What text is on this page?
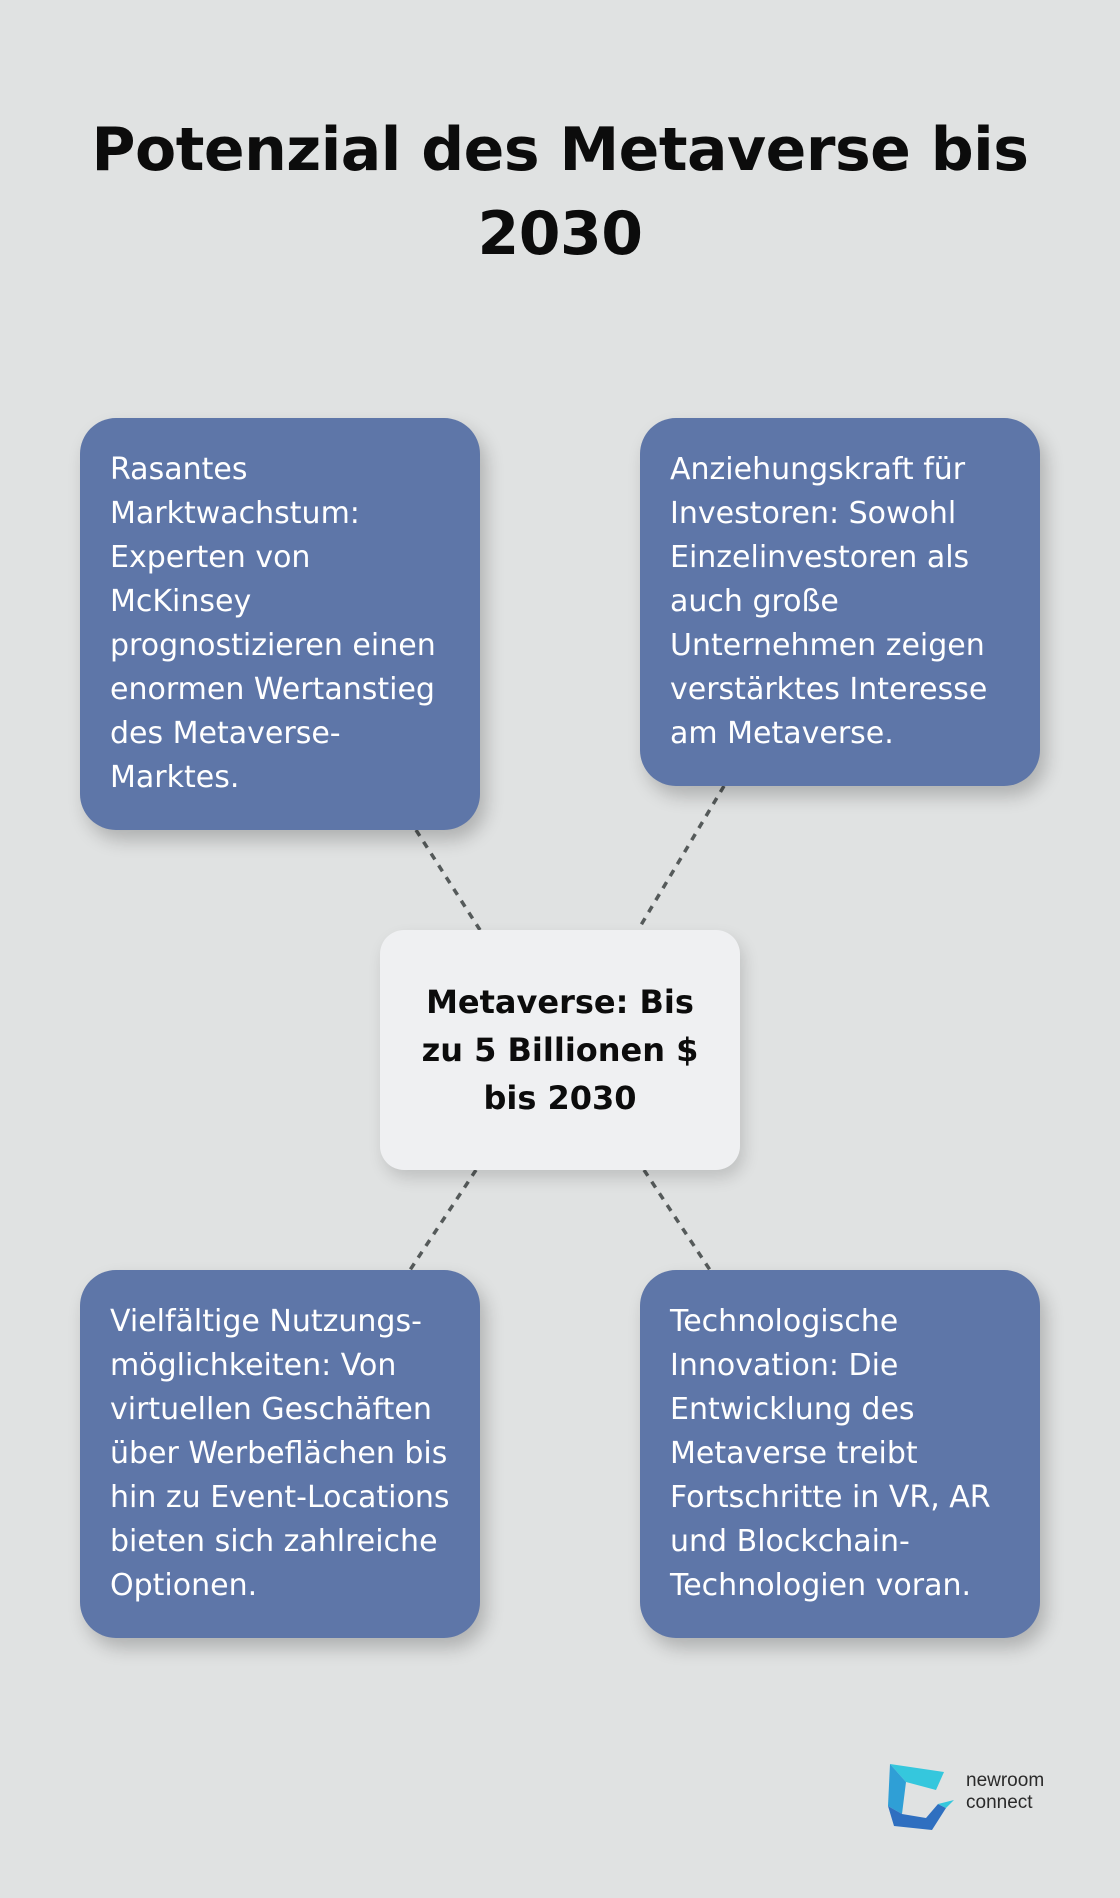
Potenzial des Metaverse bis 2030
Rasantes Marktwachstum: Experten von McKinsey prognostizieren einen enormen Wertanstieg des Metaverse-Marktes.
Anziehungskraft für Investoren: Sowohl Einzelinvestoren als auch große Unternehmen zeigen verstärktes Interesse am Metaverse.
Metaverse: Bis zu 5 Billionen $ bis 2030
Vielfältige Nutzungs-möglichkeiten: Von virtuellen Geschäften über Werbeflächen bis hin zu Event-Locations bieten sich zahlreiche Optionen.
Technologische Innovation: Die Entwicklung des Metaverse treibt Fortschritte in VR, AR und Blockchain-Technologien voran.
newroom
connect
